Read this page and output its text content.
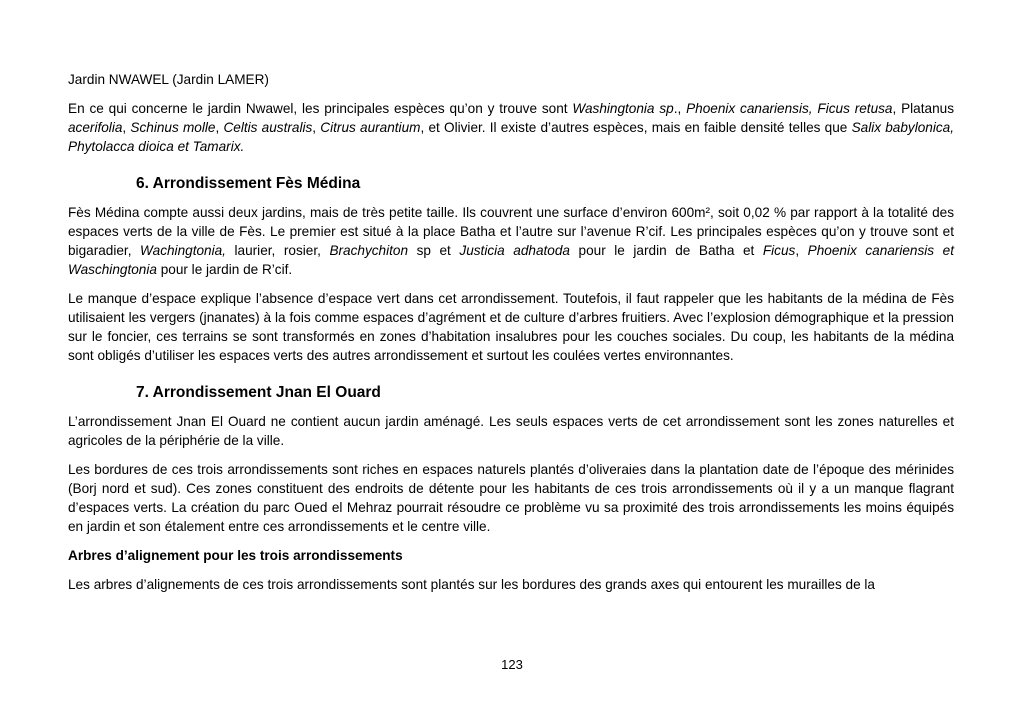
Jardin NWAWEL (Jardin LAMER)

En ce qui concerne le jardin Nwawel, les principales espèces qu’on y trouve sont Washingtonia sp., Phoenix canariensis, Ficus retusa, Platanus acerifolia, Schinus molle, Celtis australis, Citrus aurantium, et Olivier. Il existe d’autres espèces, mais en faible densité telles que Salix babylonica, Phytolacca dioica et Tamarix.

6. Arrondissement Fès Médina

Fès Médina compte aussi deux jardins, mais de très petite taille. Ils couvrent une surface d’environ 600m², soit 0,02 % par rapport à la totalité des espaces verts de la ville de Fès. Le premier est situé à la place Batha et l’autre sur l’avenue R’cif. Les principales espèces qu’on y trouve sont et bigaradier, Wachingtonia, laurier, rosier, Brachychiton sp et Justicia adhatoda pour le jardin de Batha et Ficus, Phoenix canariensis et Waschingtonia pour le jardin de R’cif.

Le manque d’espace explique l’absence d’espace vert dans cet arrondissement. Toutefois, il faut rappeler que les habitants de la médina de Fès utilisaient les vergers (jnanates) à la fois comme espaces d’agrément et de culture d’arbres fruitiers. Avec l’explosion démographique et la pression sur le foncier, ces terrains se sont transformés en zones d’habitation insalubres pour les couches sociales. Du coup, les habitants de la médina sont obligés d’utiliser les espaces verts des autres arrondissement et surtout les coulées vertes environnantes.

7. Arrondissement Jnan El Ouard

L’arrondissement Jnan El Ouard ne contient aucun jardin aménagé. Les seuls espaces verts de cet arrondissement sont les zones naturelles et agricoles de la périphérie de la ville.

Les bordures de ces trois arrondissements sont riches en espaces naturels plantés d’oliveraies dans la plantation date de l’époque des mérinides (Borj nord et sud). Ces zones constituent des endroits de détente pour les habitants de ces trois arrondissements où il y a un manque flagrant d’espaces verts. La création du parc Oued el Mehraz pourrait résoudre ce problème vu sa proximité des trois arrondissements les moins équipés en jardin et son étalement entre ces arrondissements et le centre ville.

Arbres d’alignement pour les trois arrondissements

Les arbres d’alignements de ces trois arrondissements sont plantés sur les bordures des grands axes qui entourent les murailles de la

123
